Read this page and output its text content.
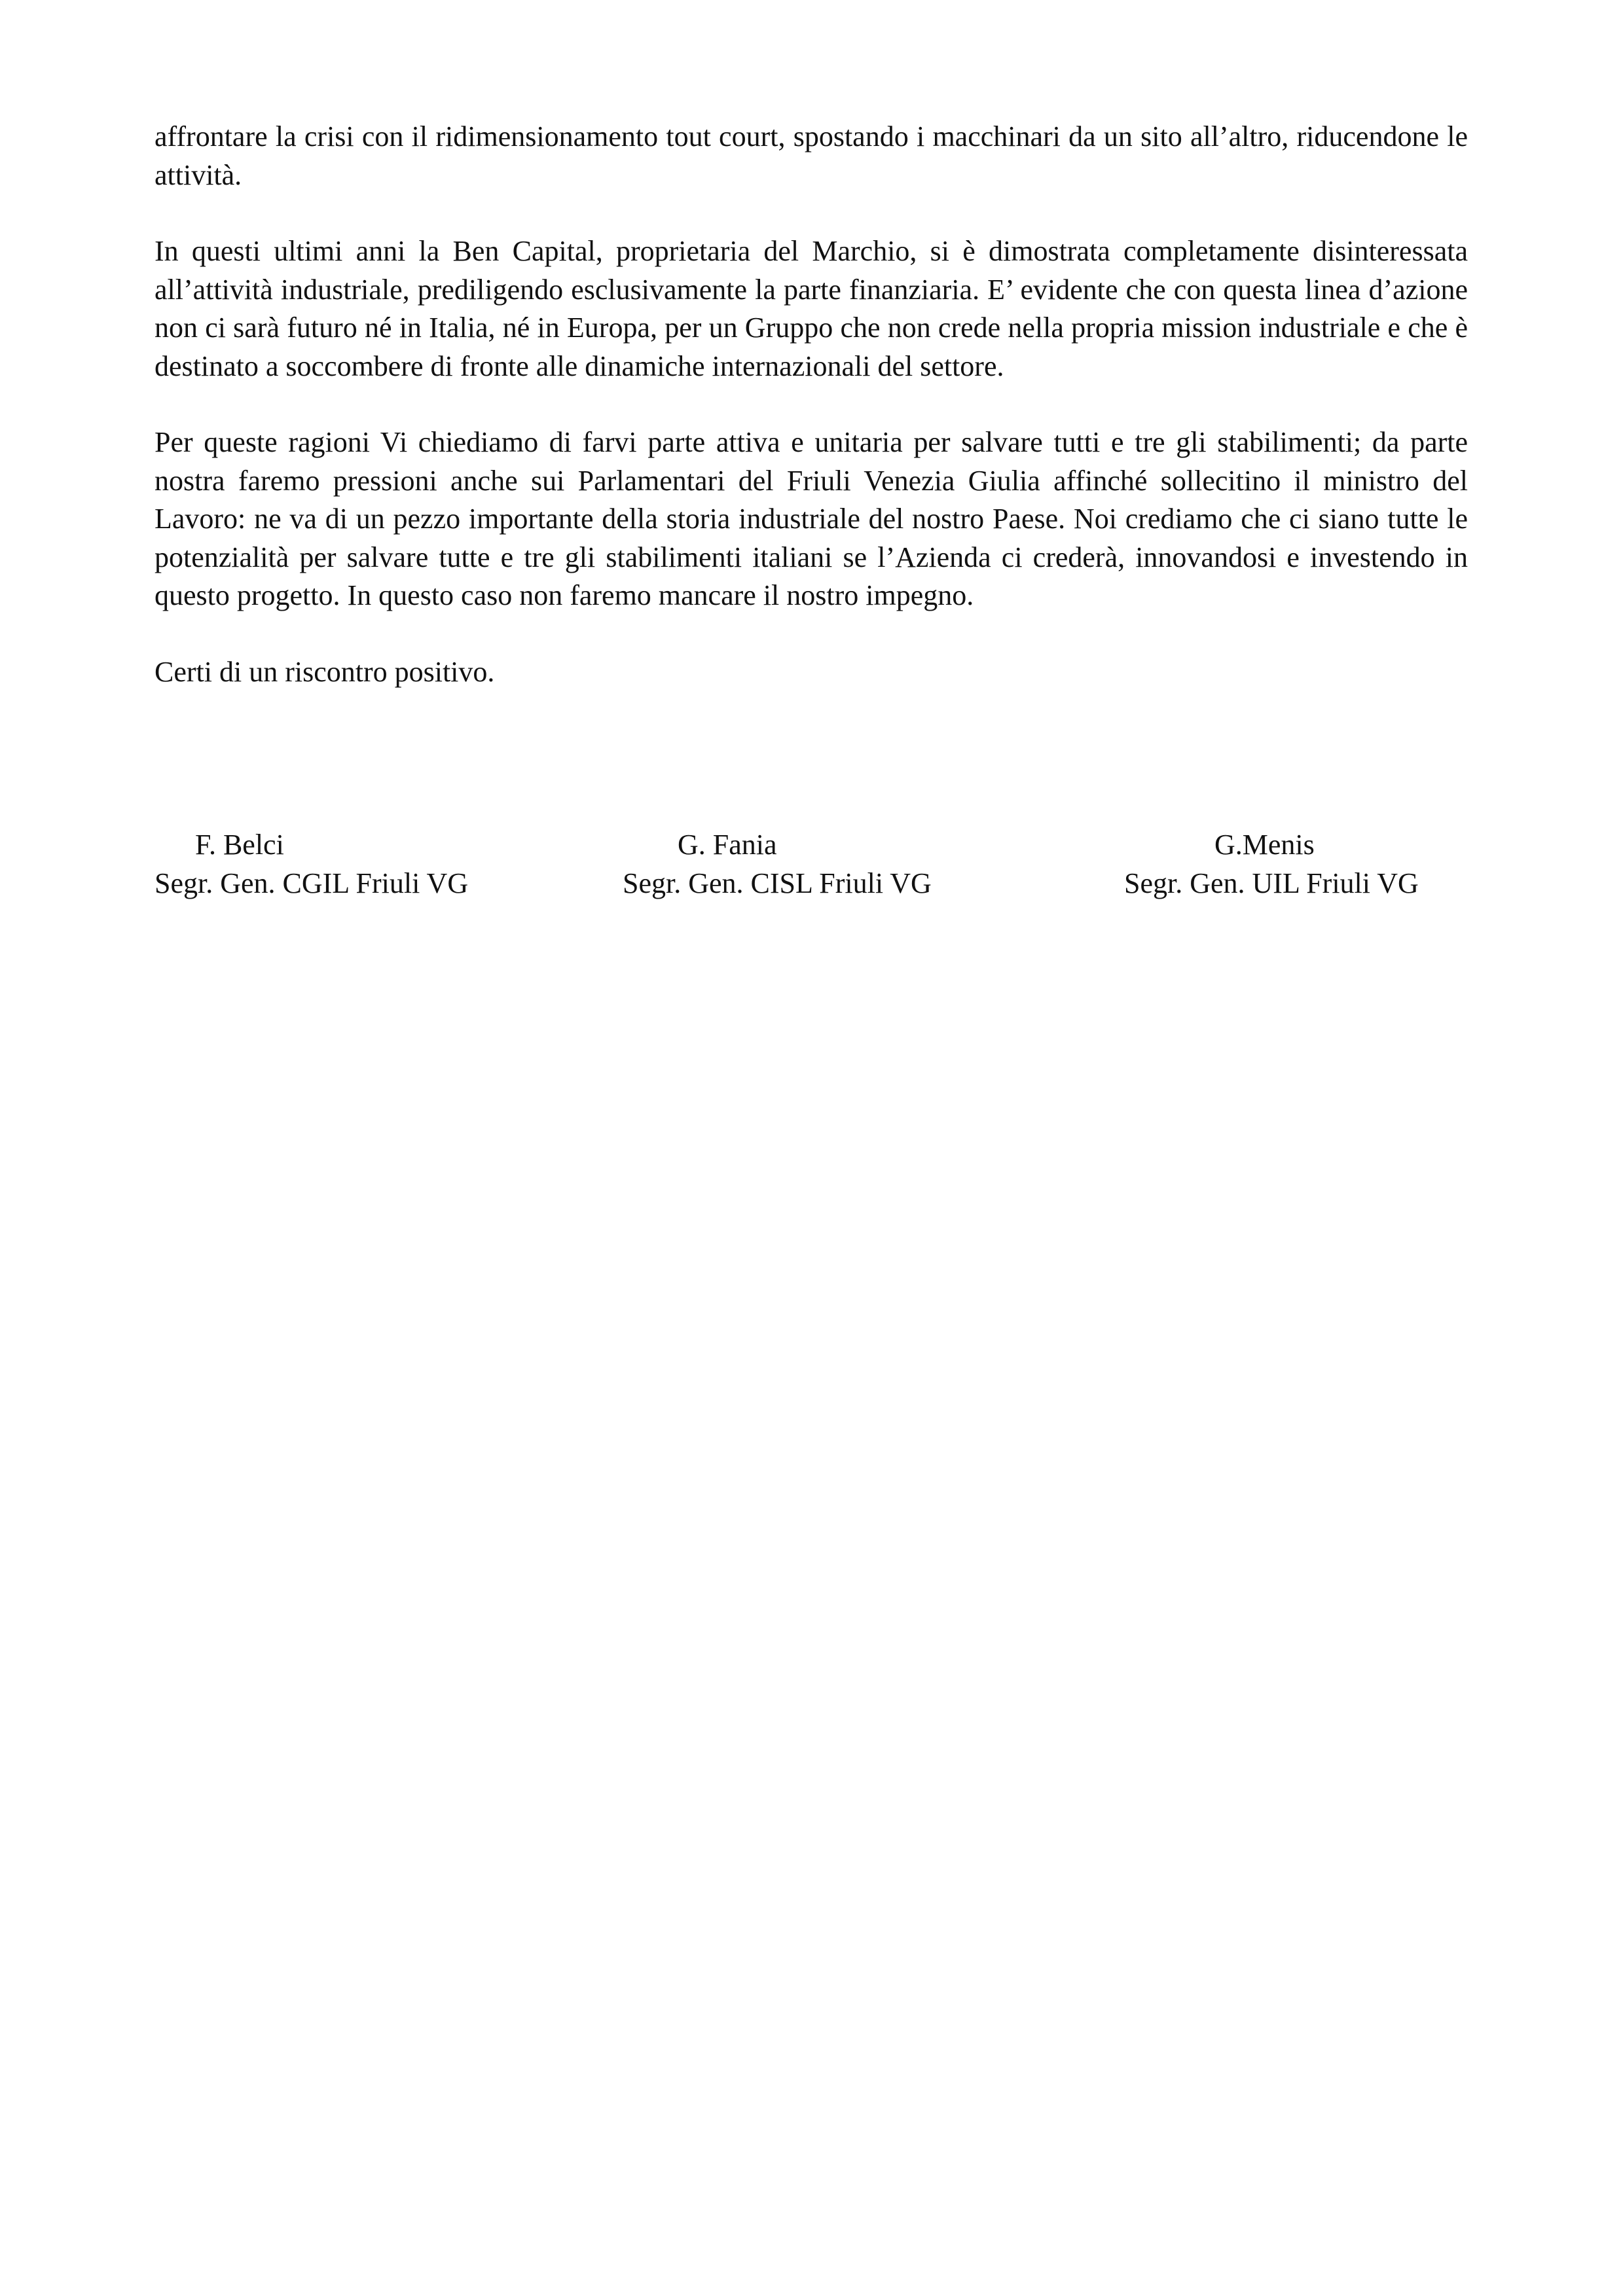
affrontare la crisi con il ridimensionamento tout court, spostando i macchinari da un sito all’altro, riducendone le attività.

In questi ultimi anni la Ben Capital, proprietaria del Marchio, si è dimostrata completamente disinteressata all’attività industriale, prediligendo esclusivamente la parte finanziaria. E’ evidente che con questa linea d’azione non ci sarà futuro né in Italia, né in Europa, per un Gruppo che non crede nella propria mission industriale e che è destinato a soccombere di fronte alle dinamiche internazionali del settore.

Per queste ragioni Vi chiediamo di farvi parte attiva e unitaria per salvare tutti e tre gli stabilimenti; da parte nostra faremo pressioni anche sui Parlamentari del Friuli Venezia Giulia affinché sollecitino il ministro del Lavoro: ne va di un pezzo importante della storia industriale del nostro Paese. Noi crediamo che ci siano tutte le potenzialità per salvare tutte e tre gli stabilimenti italiani se l’Azienda ci crederà, innovandosi e investendo in questo progetto. In questo caso non faremo mancare il nostro impegno.

Certi di un riscontro positivo.

F. Belci
Segr. Gen. CGIL Friuli VG
G. Fania
Segr. Gen. CISL Friuli VG
G.Menis
Segr. Gen. UIL Friuli VG
